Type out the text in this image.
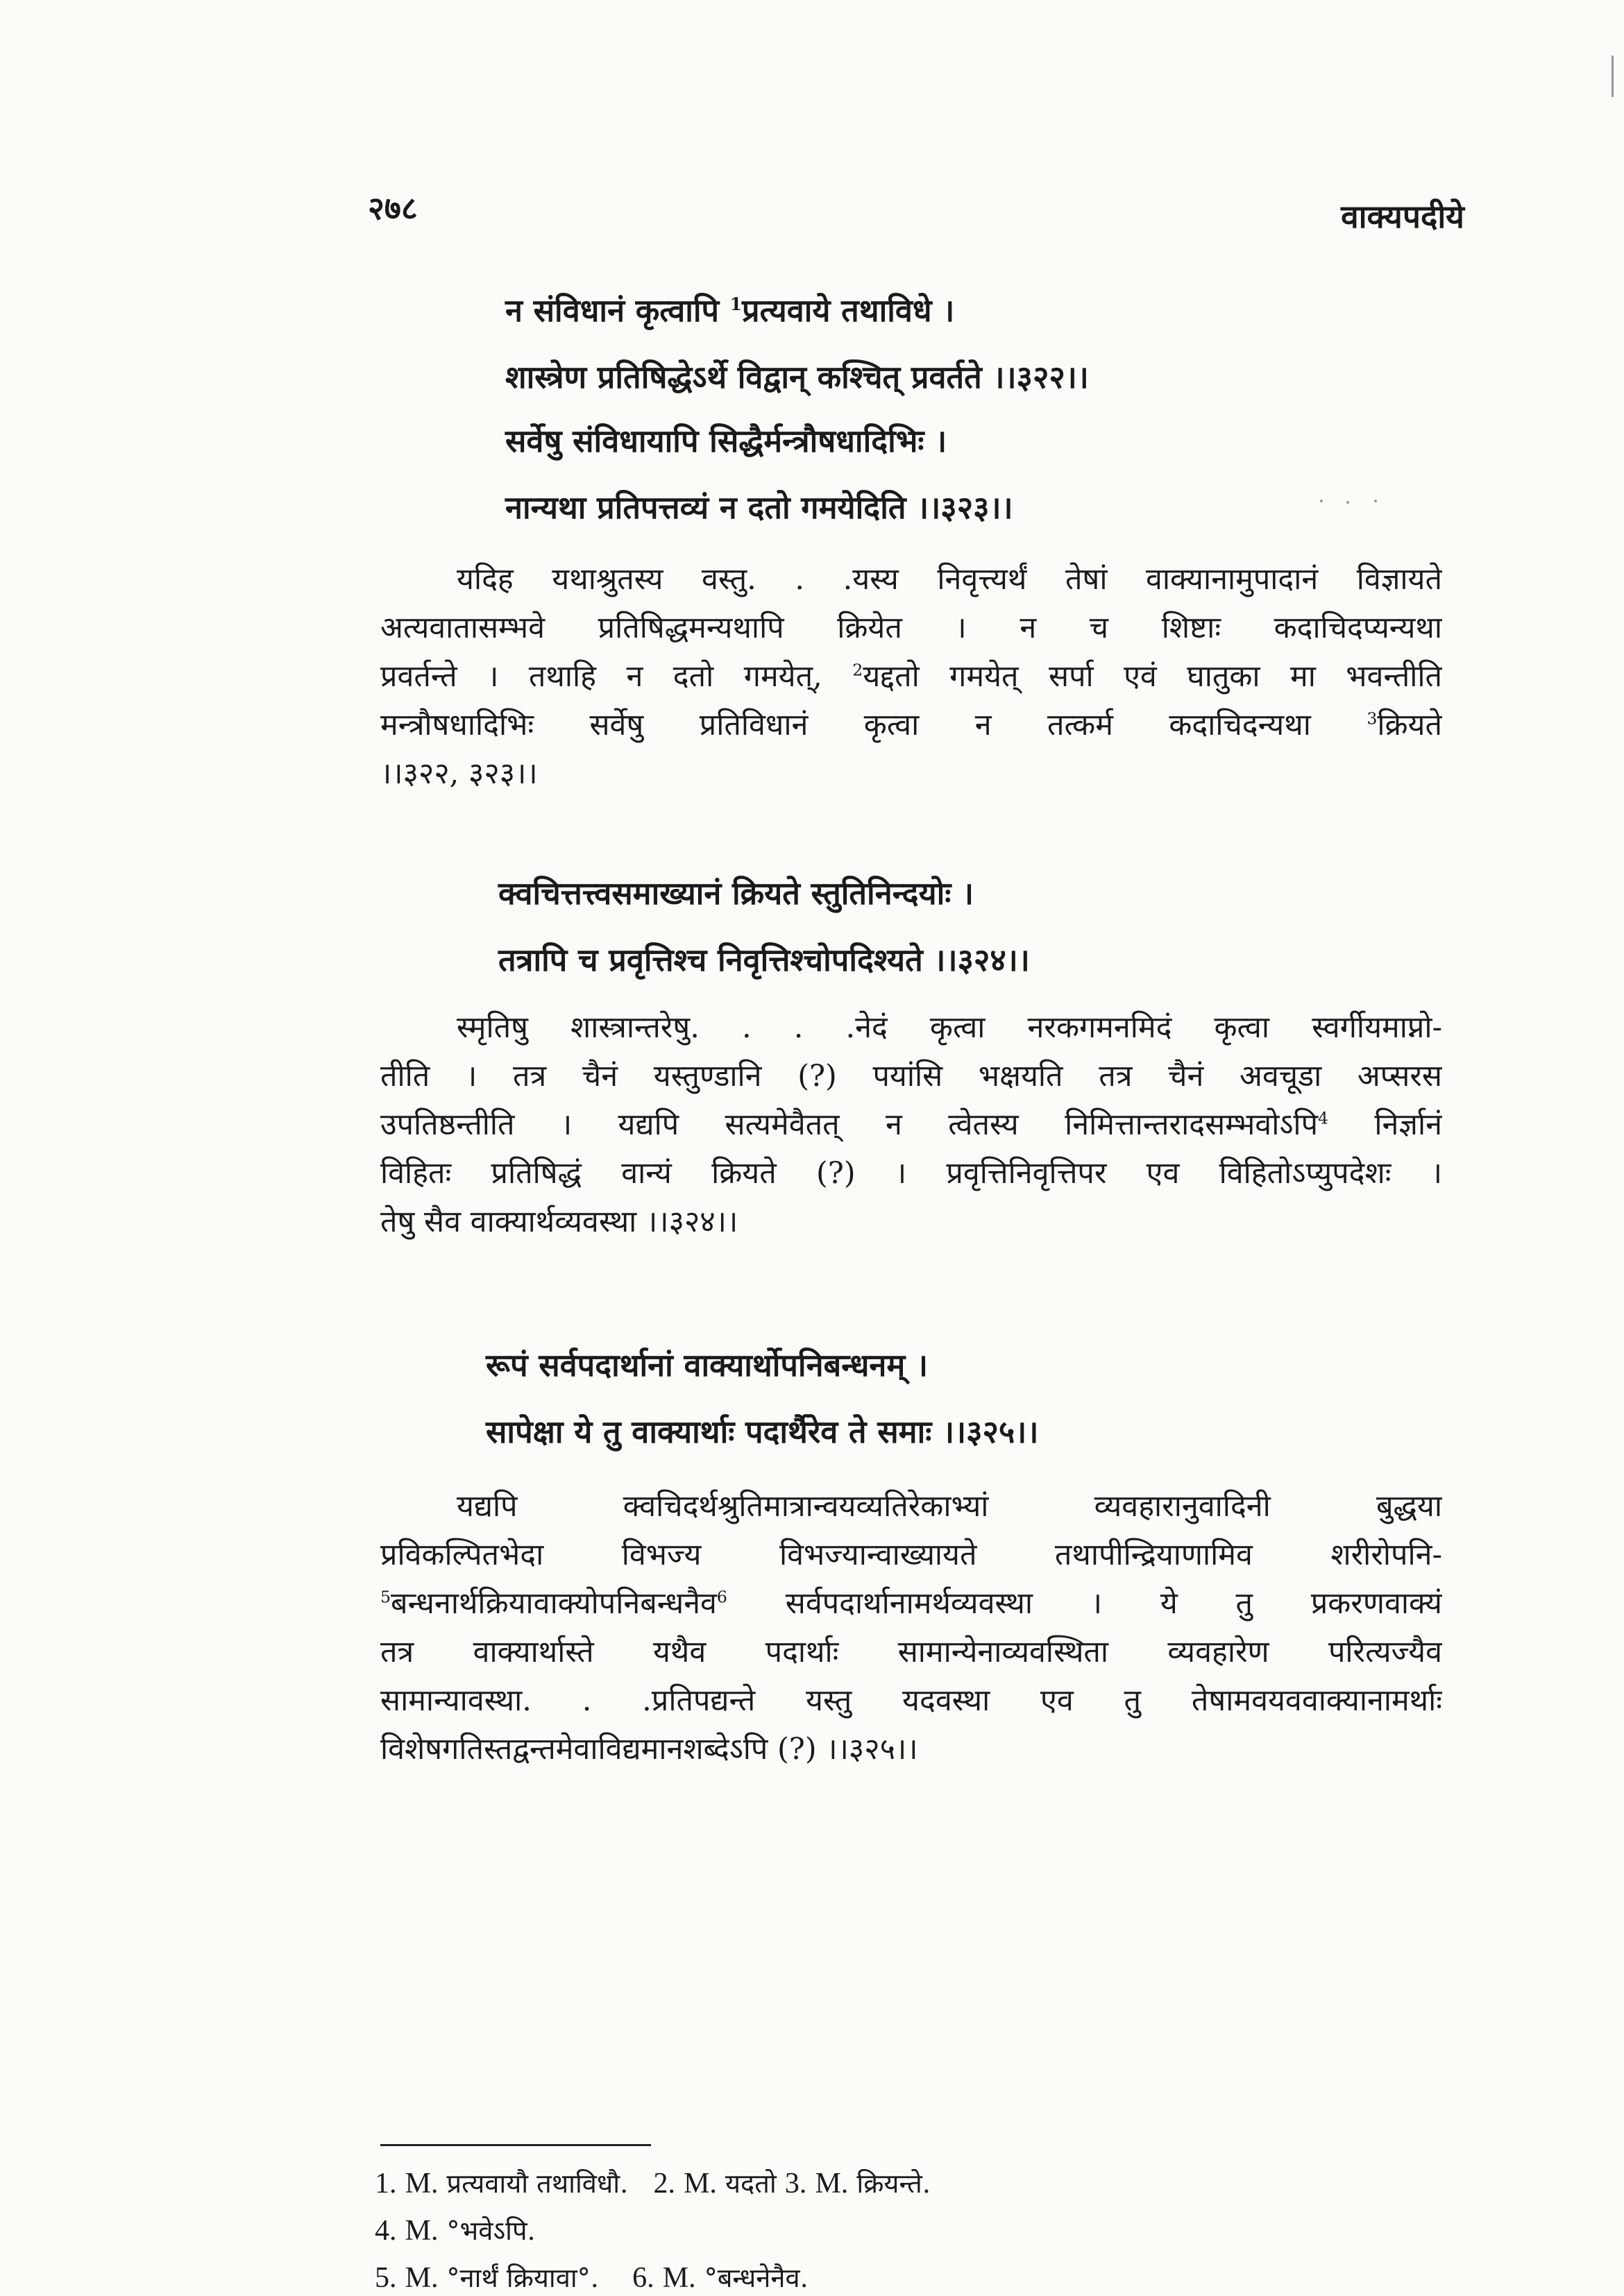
२७८	वाक्यपदीये
न संविधानं कृत्वापि $^1$प्रत्यवाये तथाविधे ।
शास्त्रेण प्रतिषिद्धेऽर्थे विद्वान् कश्चित् प्रवर्तते ।।३२२।।
सर्वेषु संविधायापि सिद्धैर्मन्त्रौषधादिभिः ।
नान्यथा प्रतिपत्तव्यं न दतो गमयेदिति ।।३२३।।
यदिह यथाश्रुतस्य वस्तु. . .यस्य निवृत्त्यर्थं तेषां वाक्यानामुपादानं विज्ञायते
अत्यवातासम्भवे प्रतिषिद्धमन्यथापि क्रियेत । न च शिष्टाः कदाचिदप्यन्यथा
प्रवर्तन्ते । तथाहि न दतो गमयेत्, $^2$यद्दतो गमयेत् सर्पा एवं घातुका मा भवन्तीति
मन्त्रौषधादिभिः सर्वेषु प्रतिविधानं कृत्वा न तत्कर्म कदाचिदन्यथा $^3$क्रियते
।।३२२, ३२३।।
क्वचित्तत्त्वसमाख्यानं क्रियते स्तुतिनिन्दयोः ।
तत्रापि च प्रवृत्तिश्च निवृत्तिश्चोपदिश्यते ।।३२४।।
स्मृतिषु शास्त्रान्तरेषु. . . .नेदं कृत्वा नरकगमनमिदं कृत्वा स्वर्गीयमाप्नो-
तीति । तत्र चैनं यस्तुण्डानि (?) पयांसि भक्षयति तत्र चैनं अवचूडा अप्सरस
उपतिष्ठन्तीति । यद्यपि सत्यमेवैतत् न त्वेतस्य निमित्तान्तरादसम्भवोऽपि$^4$ निर्ज्ञानं
विहितः प्रतिषिद्धं वान्यं क्रियते (?) । प्रवृत्तिनिवृत्तिपर एव विहितोऽप्युपदेशः ।
तेषु सैव वाक्यार्थव्यवस्था ।।३२४।।
रूपं सर्वपदार्थानां वाक्यार्थोपनिबन्धनम् ।
सापेक्षा ये तु वाक्यार्थाः पदार्थैरेव ते समाः ।।३२५।।
यद्यपि क्वचिदर्थश्रुतिमात्रान्वयव्यतिरेकाभ्यां व्यवहारानुवादिनी बुद्धया
प्रविकल्पितभेदा विभज्य विभज्यान्वाख्यायते तथापीन्द्रियाणामिव शरीरोपनि-
$^5$बन्धनार्थक्रियावाक्योपनिबन्धनैव$^6$ सर्वपदार्थानामर्थव्यवस्था । ये तु प्रकरणवाक्यं
तत्र वाक्यार्थास्ते यथैव पदार्थाः सामान्येनाव्यवस्थिता व्यवहारेण परित्यज्यैव
सामान्यावस्था. . .प्रतिपद्यन्ते यस्तु यदवस्था एव तु तेषामवयववाक्यानामर्थाः
विशेषगतिस्तद्वन्तमेवाविद्यमानशब्देऽपि (?) ।।३२५।।
1. M. प्रत्यवायौ तथाविधौ. 2. M. यदतो 3. M. क्रियन्ते.
4. M. °भवेऽपि.
5. M. °नार्थं क्रियावा°. 6. M. °बन्धनेनैव.
